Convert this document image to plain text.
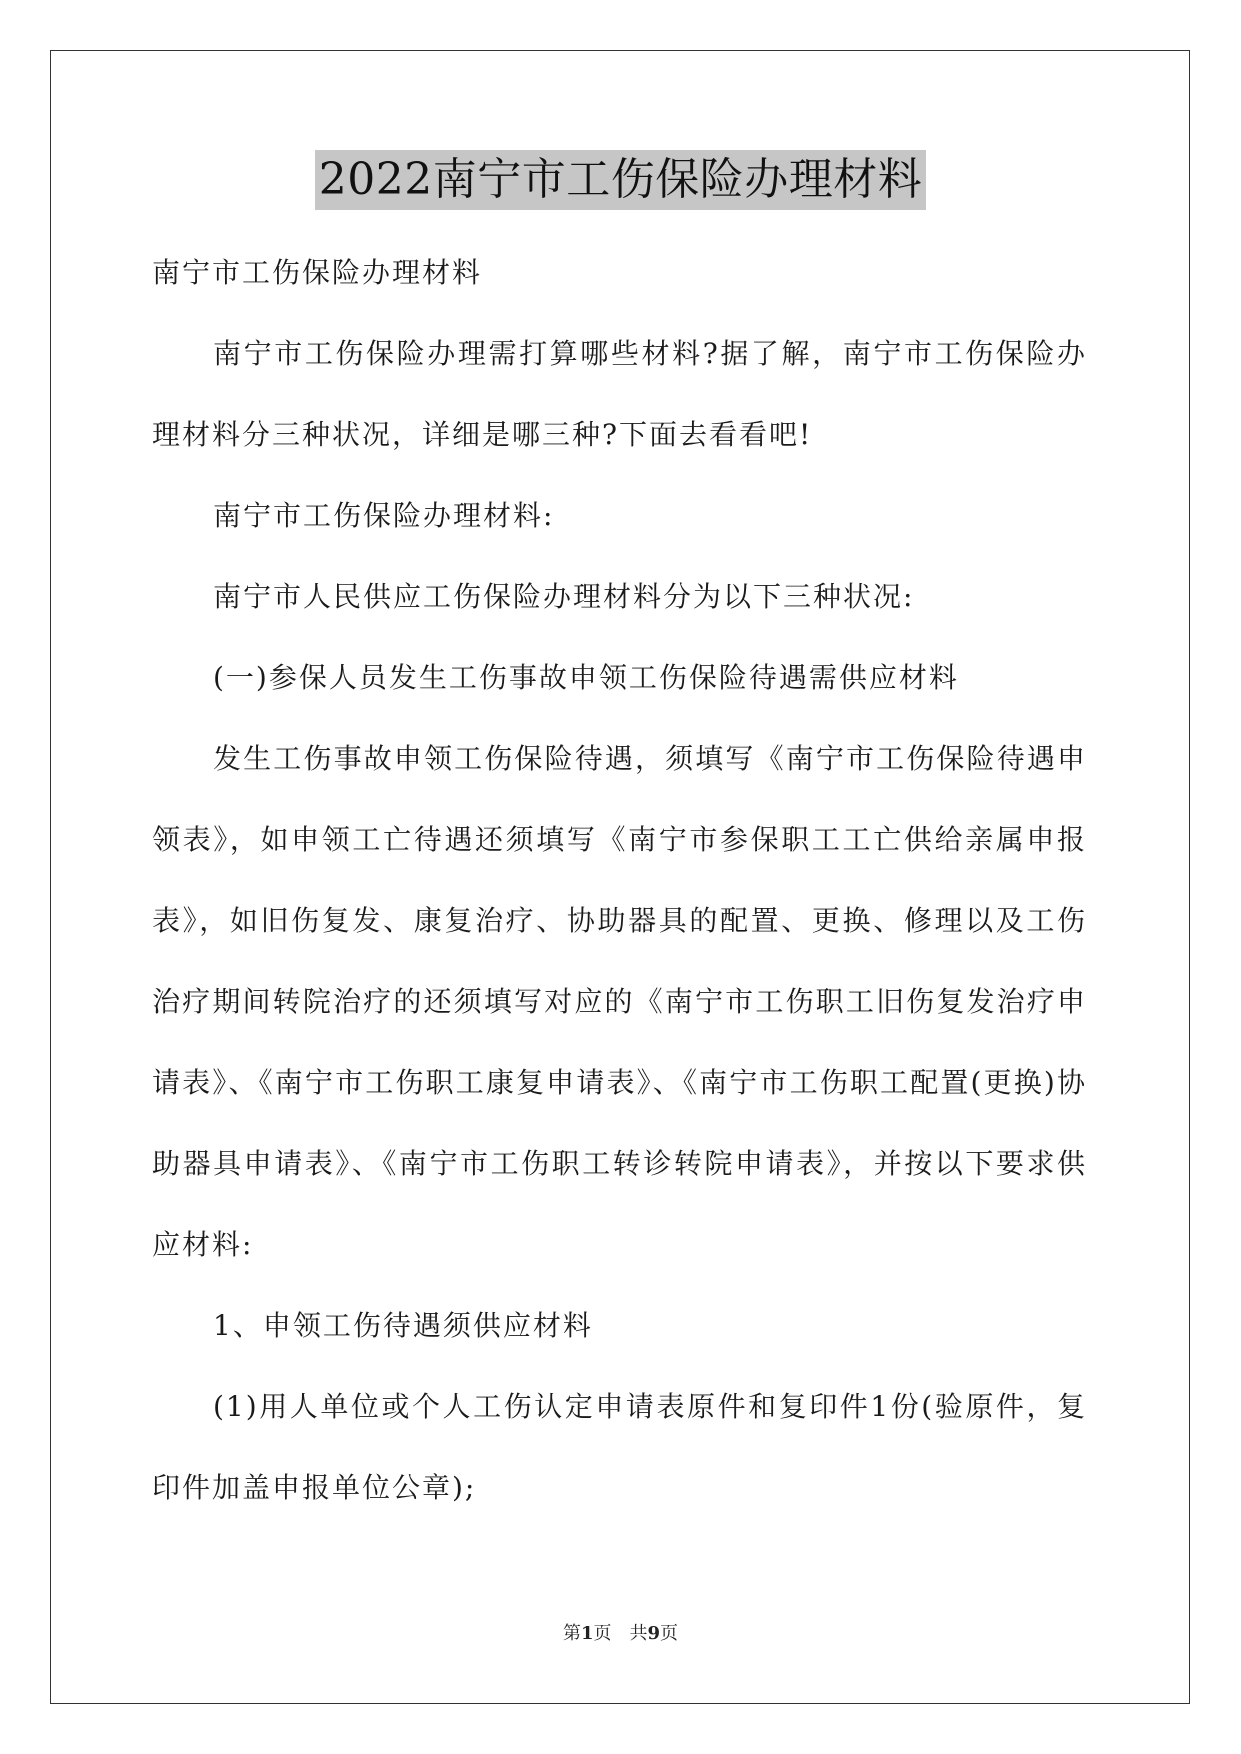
2022南宁市工伤保险办理材料

南宁市工伤保险办理材料

南宁市工伤保险办理需打算哪些材料?据了解，南宁市工伤保险办理材料分三种状况，详细是哪三种?下面去看看吧!

南宁市工伤保险办理材料:

南宁市人民供应工伤保险办理材料分为以下三种状况:

(一)参保人员发生工伤事故申领工伤保险待遇需供应材料

发生工伤事故申领工伤保险待遇，须填写《南宁市工伤保险待遇申领表》，如申领工亡待遇还须填写《南宁市参保职工工亡供给亲属申报表》，如旧伤复发、康复治疗、协助器具的配置、更换、修理以及工伤治疗期间转院治疗的还须填写对应的《南宁市工伤职工旧伤复发治疗申请表》、《南宁市工伤职工康复申请表》、《南宁市工伤职工配置(更换)协助器具申请表》、《南宁市工伤职工转诊转院申请表》，并按以下要求供应材料:

1、申领工伤待遇须供应材料

(1)用人单位或个人工伤认定申请表原件和复印件1份(验原件，复印件加盖申报单位公章);

第1页 共9页
